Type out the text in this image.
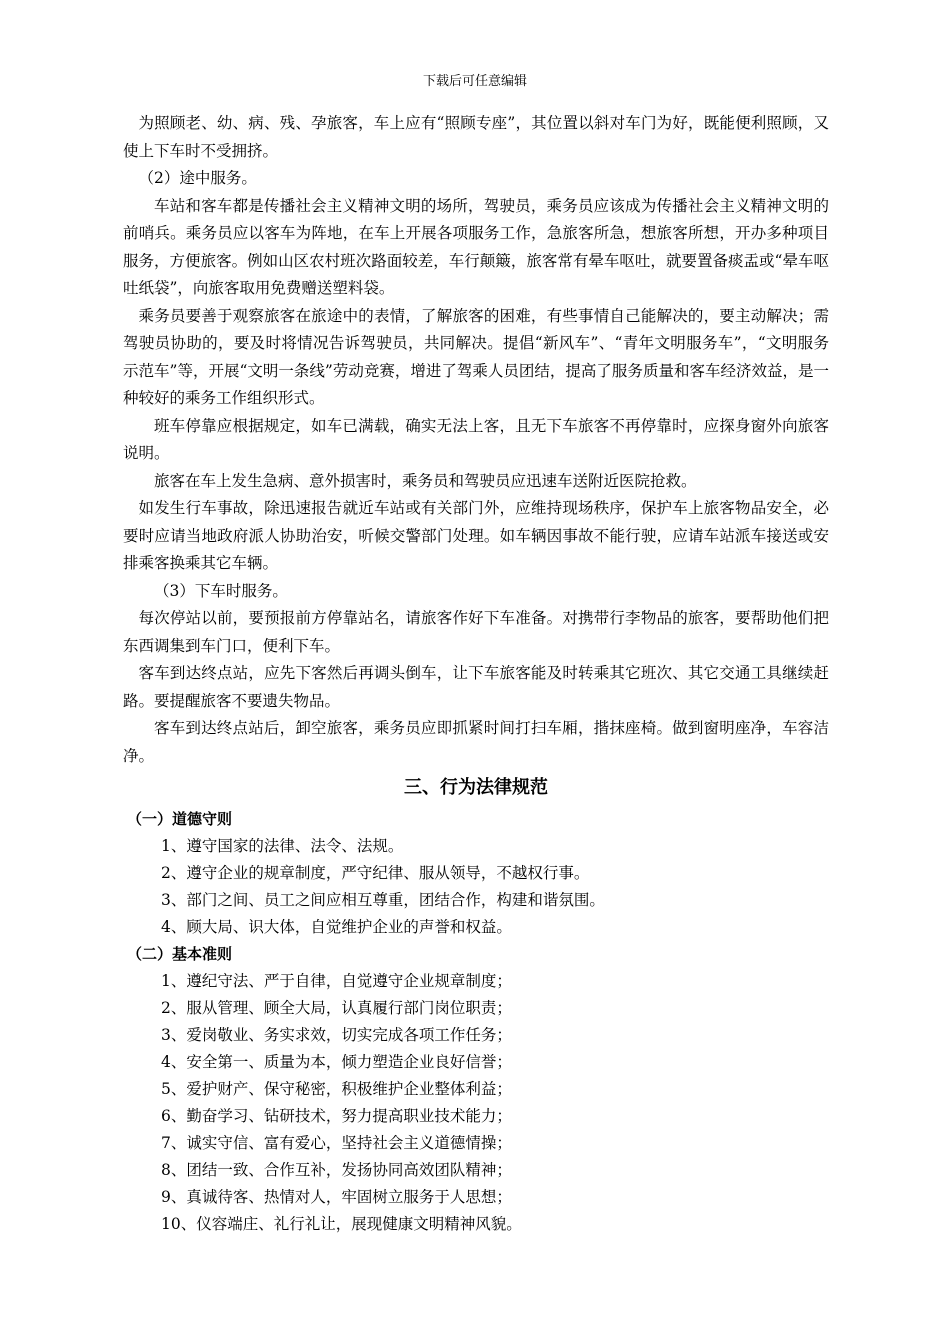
下载后可任意编辑

为照顾老、幼、病、残、孕旅客，车上应有“照顾专座”，其位置以斜对车门为好，既能便利照顾，又使上下车时不受拥挤。

（2）途中服务。

车站和客车都是传播社会主义精神文明的场所，驾驶员，乘务员应该成为传播社会主义精神文明的前哨兵。乘务员应以客车为阵地，在车上开展各项服务工作，急旅客所急，想旅客所想，开办多种项目服务，方便旅客。例如山区农村班次路面较差，车行颠簸，旅客常有晕车呕吐，就要置备痰盂或“晕车呕吐纸袋”，向旅客取用免费赠送塑料袋。

乘务员要善于观察旅客在旅途中的表情，了解旅客的困难，有些事情自己能解决的，要主动解决；需驾驶员协助的，要及时将情况告诉驾驶员，共同解决。提倡“新风车”、“青年文明服务车”，“文明服务示范车”等，开展“文明一条线”劳动竞赛，增进了驾乘人员团结，提高了服务质量和客车经济效益，是一种较好的乘务工作组织形式。

班车停靠应根据规定，如车已满载，确实无法上客，且无下车旅客不再停靠时，应探身窗外向旅客说明。

旅客在车上发生急病、意外损害时，乘务员和驾驶员应迅速车送附近医院抢救。

如发生行车事故，除迅速报告就近车站或有关部门外，应维持现场秩序，保护车上旅客物品安全，必要时应请当地政府派人协助治安，听候交警部门处理。如车辆因事故不能行驶，应请车站派车接送或安排乘客换乘其它车辆。

（3）下车时服务。

每次停站以前，要预报前方停靠站名，请旅客作好下车准备。对携带行李物品的旅客，要帮助他们把东西调集到车门口，便利下车。

客车到达终点站，应先下客然后再调头倒车，让下车旅客能及时转乘其它班次、其它交通工具继续赶路。要提醒旅客不要遗失物品。

客车到达终点站后，卸空旅客，乘务员应即抓紧时间打扫车厢，揩抹座椅。做到窗明座净，车容洁净。

三、行为法律规范
（一）道德守则
1、遵守国家的法律、法令、法规。
2、遵守企业的规章制度，严守纪律、服从领导，不越权行事。
3、部门之间、员工之间应相互尊重，团结合作，构建和谐氛围。
4、顾大局、识大体，自觉维护企业的声誉和权益。
（二）基本准则
1、遵纪守法、严于自律，自觉遵守企业规章制度；
2、服从管理、顾全大局，认真履行部门岗位职责；
3、爱岗敬业、务实求效，切实完成各项工作任务；
4、安全第一、质量为本，倾力塑造企业良好信誉；
5、爱护财产、保守秘密，积极维护企业整体利益；
6、勤奋学习、钻研技术，努力提高职业技术能力；
7、诚实守信、富有爱心，坚持社会主义道德情操；
8、团结一致、合作互补，发扬协同高效团队精神；
9、真诚待客、热情对人，牢固树立服务于人思想；
10、仪容端庄、礼行礼让，展现健康文明精神风貌。
